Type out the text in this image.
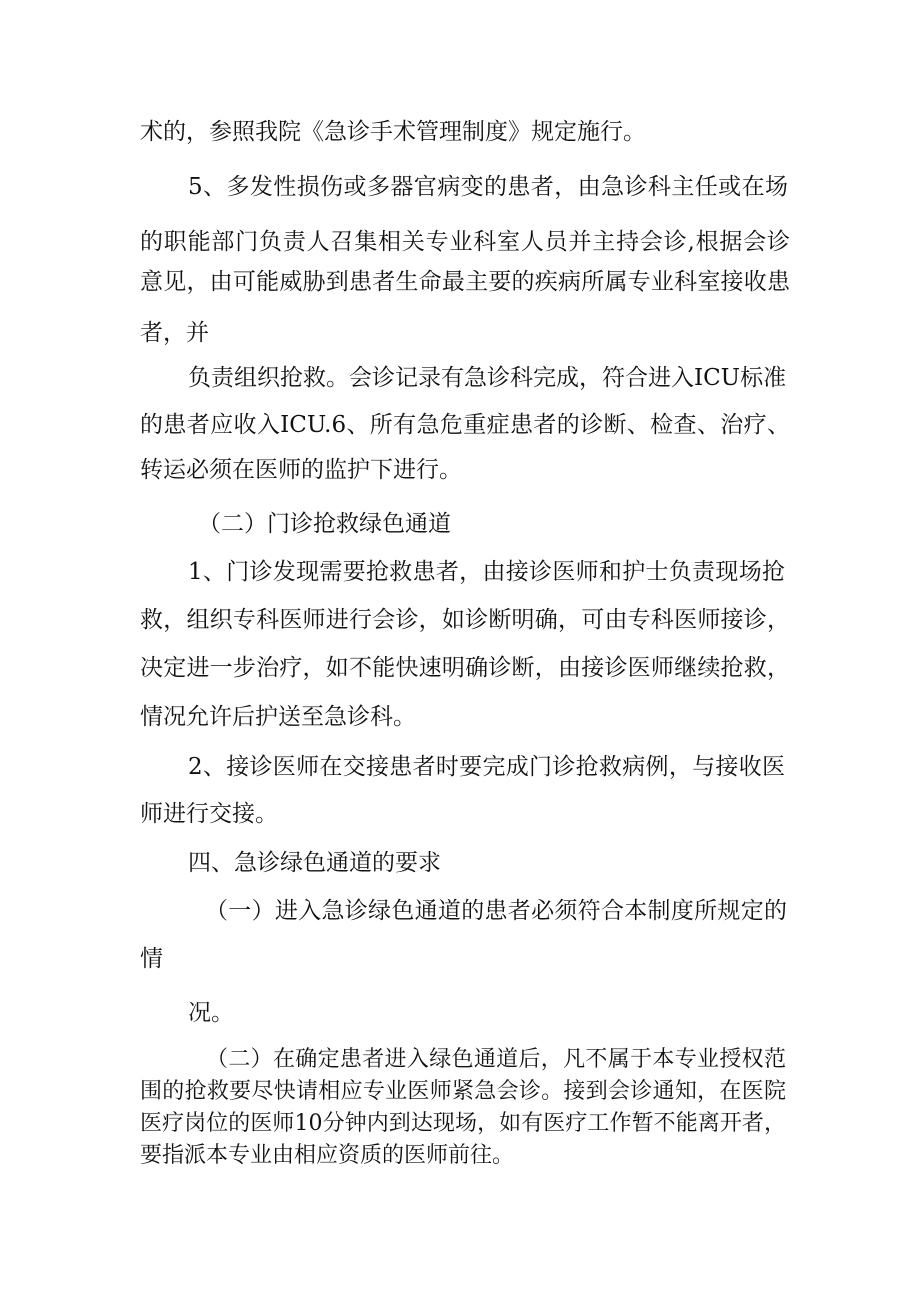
术的，参照我院《急诊手术管理制度》规定施行。

5、多发性损伤或多器官病变的患者，由急诊科主任或在场

的职能部门负责人召集相关专业科室人员并主持会诊,根据会诊

意见，由可能威胁到患者生命最主要的疾病所属专业科室接收患

者，并

负责组织抢救。会诊记录有急诊科完成，符合进入ICU标准

的患者应收入ICU.6、所有急危重症患者的诊断、检查、治疗、

转运必须在医师的监护下进行。

（二）门诊抢救绿色通道

1、门诊发现需要抢救患者，由接诊医师和护士负责现场抢

救，组织专科医师进行会诊，如诊断明确，可由专科医师接诊，

决定进一步治疗，如不能快速明确诊断，由接诊医师继续抢救，

情况允许后护送至急诊科。

2、接诊医师在交接患者时要完成门诊抢救病例，与接收医

师进行交接。

四、急诊绿色通道的要求

（一）进入急诊绿色通道的患者必须符合本制度所规定的

情

况。

（二）在确定患者进入绿色通道后，凡不属于本专业授权范围的抢救要尽快请相应专业医师紧急会诊。接到会诊通知，在医院医疗岗位的医师10分钟内到达现场，如有医疗工作暂不能离开者，要指派本专业由相应资质的医师前往。
